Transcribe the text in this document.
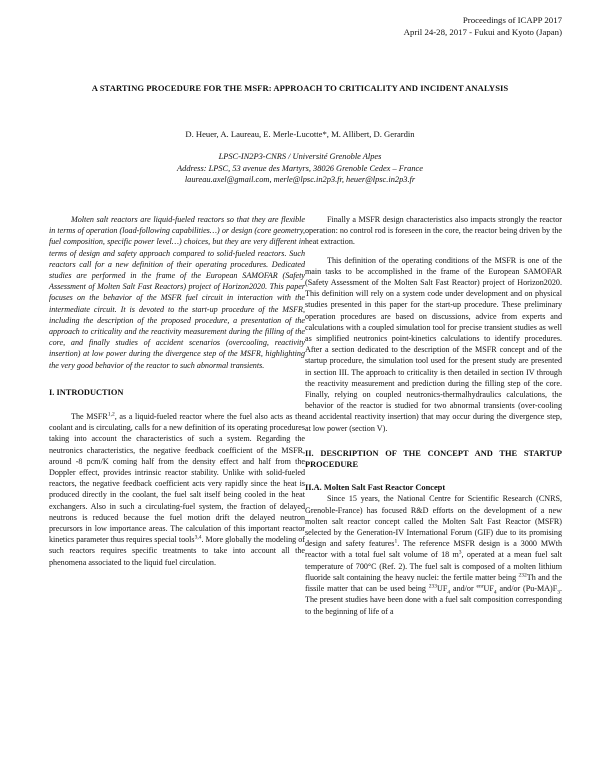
Proceedings of ICAPP 2017
April 24-28, 2017 - Fukui and Kyoto (Japan)
A STARTING PROCEDURE FOR THE MSFR: APPROACH TO CRITICALITY AND INCIDENT ANALYSIS
D. Heuer, A. Laureau, E. Merle-Lucotte*, M. Allibert, D. Gerardin
LPSC-IN2P3-CNRS / Université Grenoble Alpes
Address: LPSC, 53 avenue des Martyrs, 38026 Grenoble Cedex – France
laureau.axel@gmail.com, merle@lpsc.in2p3.fr, heuer@lpsc.in2p3.fr

Molten salt reactors are liquid-fueled reactors so that they are flexible in terms of operation (load-following capabilities…) or design (core geometry, fuel composition, specific power level…) choices, but they are very different in terms of design and safety approach compared to solid-fueled reactors. Such reactors call for a new definition of their operating procedures. Dedicated studies are performed in the frame of the European SAMOFAR (Safety Assessment of Molten Salt Fast Reactors) project of Horizon2020. This paper focuses on the behavior of the MSFR fuel circuit in interaction with the intermediate circuit. It is devoted to the start-up procedure of the MSFR, including the description of the proposed procedure, a presentation of the approach to criticality and the reactivity measurement during the filling of the core, and finally studies of accident scenarios (overcooling, reactivity insertion) at low power during the divergence step of the MSFR, highlighting the very good behavior of the reactor to such abnormal transients.

I. INTRODUCTION

The MSFR$^{1,2}$, as a liquid-fueled reactor where the fuel also acts as the coolant and is circulating, calls for a new definition of its operating procedures taking into account the characteristics of such a system. Regarding the neutronics characteristics, the negative feedback coefficient of the MSFR, around -8 pcm/K coming half from the density effect and half from the Doppler effect, provides intrinsic reactor stability. Unlike with solid-fueled reactors, the negative feedback coefficient acts very rapidly since the heat is produced directly in the coolant, the fuel salt itself being cooled in the heat exchangers. Also in such a circulating-fuel system, the fraction of delayed neutrons is reduced because the fuel motion drift the delayed neutron precursors in low importance areas. The calculation of this important reactor kinetics parameter thus requires special tools$^{3,4}$. More globally the modeling of such reactors requires specific treatments to take into account all the phenomena associated to the liquid fuel circulation.

Finally a MSFR design characteristics also impacts strongly the reactor operation: no control rod is foreseen in the core, the reactor being driven by the heat extraction.

This definition of the operating conditions of the MSFR is one of the main tasks to be accomplished in the frame of the European SAMOFAR (Safety Assessment of the Molten Salt Fast Reactor) project of Horizon2020. This definition will rely on a system code under development and on physical studies presented in this paper for the start-up procedure. These preliminary operation procedures are based on discussions, advice from experts and calculations with a coupled simulation tool for precise transient studies as well as simplified neutronics point-kinetics calculations to identify procedures. After a section dedicated to the description of the MSFR concept and of the startup procedure, the simulation tool used for the present study are presented in section III. The approach to criticality is then detailed in section IV through the reactivity measurement and prediction during the filling step of the core. Finally, relying on coupled neutronics-thermalhydraulics calculations, the behavior of the reactor is studied for two abnormal transients (over-cooling and accidental reactivity insertion) that may occur during the divergence step, at low power (section V).

II. DESCRIPTION OF THE CONCEPT AND THE STARTUP PROCEDURE
II.A. Molten Salt Fast Reactor Concept

Since 15 years, the National Centre for Scientific Research (CNRS, Grenoble-France) has focused R&D efforts on the development of a new molten salt reactor concept called the Molten Salt Fast Reactor (MSFR) selected by the Generation-IV International Forum (GIF) due to its promising design and safety features$^1$. The reference MSFR design is a 3000 MWth reactor with a total fuel salt volume of 18 $m^3$, operated at a mean fuel salt temperature of 700°C (Ref. 2). The fuel salt is composed of a molten lithium fluoride salt containing the heavy nuclei: the fertile matter being $^{232}$Th and the fissile matter that can be used being $^{233}UF_4$ and/or $^{enr}UF_4$ and/or $(Pu-MA)F_3$. The present studies have been done with a fuel salt composition corresponding to the beginning of life of a
